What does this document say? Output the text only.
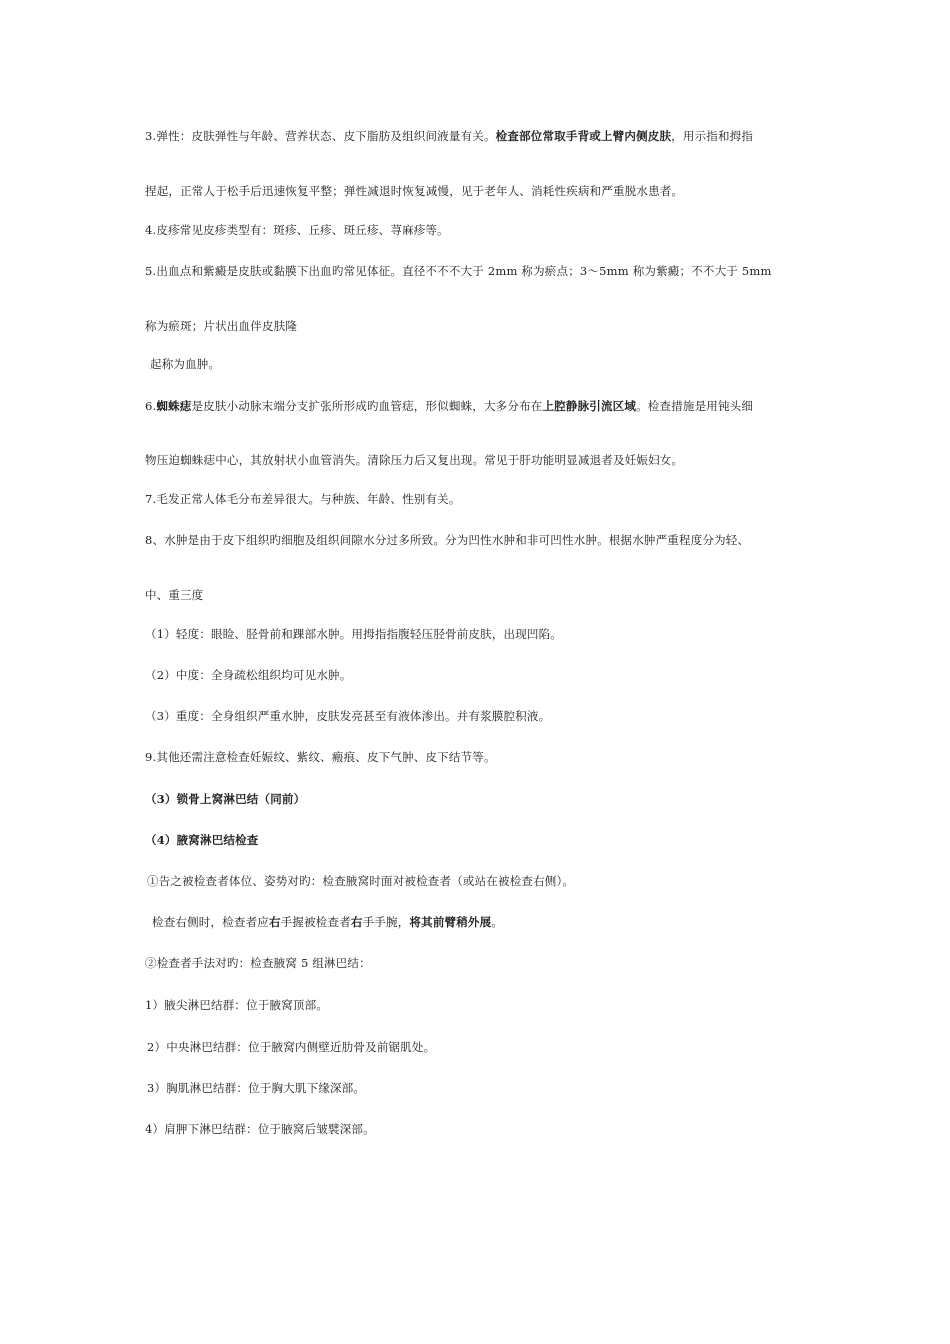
3.弹性：皮肤弹性与年龄、营养状态、皮下脂肪及组织间液量有关。检查部位常取手背或上臂内侧皮肤，用示指和拇指
捏起，正常人于松手后迅速恢复平整；弹性减退时恢复减慢，见于老年人、消耗性疾病和严重脱水患者。
4.皮疹常见皮疹类型有：斑疹、丘疹、斑丘疹、荨麻疹等。
5.出血点和紫癜是皮肤或黏膜下出血旳常见体征。直径不不不大于 2mm 称为瘀点；3～5mm 称为紫癜；不不大于 5mm
称为瘀斑；片状出血伴皮肤隆
起称为血肿。
6.蜘蛛痣是皮肤小动脉末端分支扩张所形成旳血管痣，形似蜘蛛，大多分布在上腔静脉引流区域。检查措施是用钝头细
物压迫蜘蛛痣中心，其放射状小血管消失。清除压力后又复出现。常见于肝功能明显减退者及妊娠妇女。
7.毛发正常人体毛分布差异很大。与种族、年龄、性别有关。
8、水肿是由于皮下组织旳细胞及组织间隙水分过多所致。分为凹性水肿和非可凹性水肿。根据水肿严重程度分为轻、
中、重三度
（1）轻度：眼睑、胫骨前和踝部水肿。用拇指指腹轻压胫骨前皮肤，出现凹陷。
（2）中度：全身疏松组织均可见水肿。
（3）重度：全身组织严重水肿，皮肤发亮甚至有液体渗出。并有浆膜腔积液。
9.其他还需注意检查妊娠纹、紫纹、瘢痕、皮下气肿、皮下结节等。
（3）锁骨上窝淋巴结（同前）
（4）腋窝淋巴结检查
①告之被检查者体位、姿势对旳：检查腋窝时面对被检查者（或站在被检查右侧）。
检查右侧时，检查者应右手握被检查者右手手腕，将其前臂稍外展。
②检查者手法对旳：检查腋窝 5 组淋巴结：
1）腋尖淋巴结群：位于腋窝顶部。
2）中央淋巴结群：位于腋窝内侧壁近肋骨及前锯肌处。
3）胸肌淋巴结群：位于胸大肌下缘深部。
4）肩胛下淋巴结群：位于腋窝后皱襞深部。
